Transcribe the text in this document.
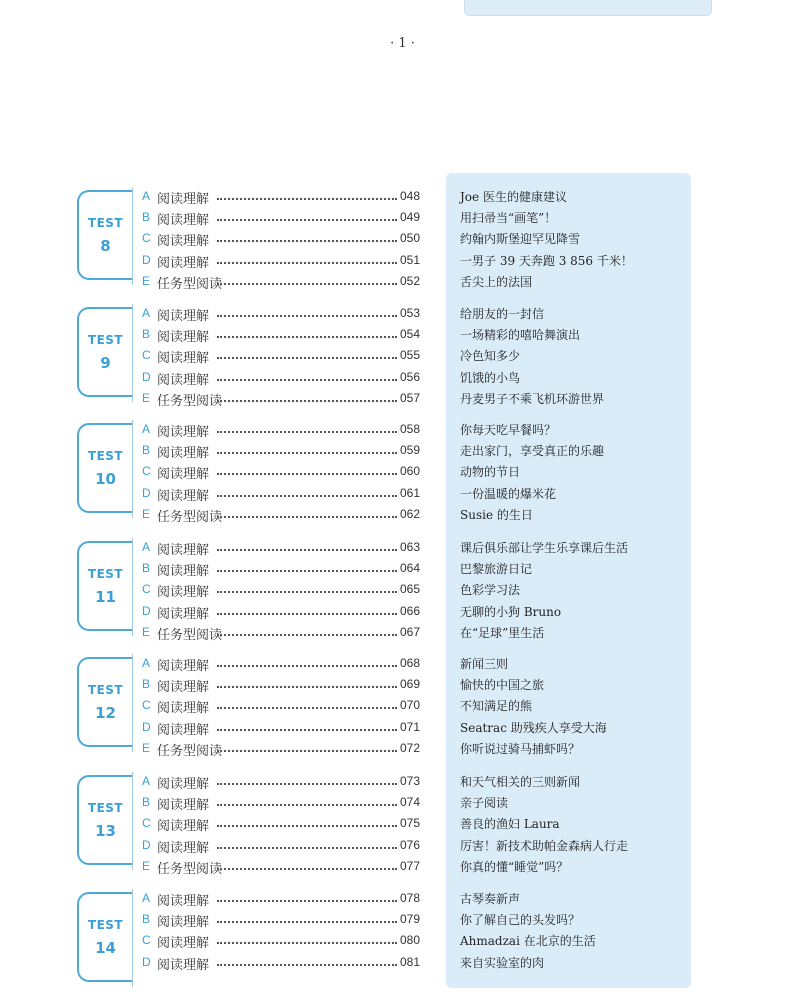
· 1 ·
TEST
8
A 阅读理解	048	Joe 医生的健康建议
B 阅读理解	049	用扫帚当“画笔”！
C 阅读理解	050	约翰内斯堡迎罕见降雪
D 阅读理解	051	一男子 39 天奔跑 3 856 千米！
E 任务型阅读	052	舌尖上的法国
TEST
9
A 阅读理解	053	给朋友的一封信
B 阅读理解	054	一场精彩的嘻哈舞演出
C 阅读理解	055	冷色知多少
D 阅读理解	056	饥饿的小鸟
E 任务型阅读	057	丹麦男子不乘飞机环游世界
TEST
10
A 阅读理解	058	你每天吃早餐吗？
B 阅读理解	059	走出家门，享受真正的乐趣
C 阅读理解	060	动物的节日
D 阅读理解	061	一份温暖的爆米花
E 任务型阅读	062	Susie 的生日
TEST
11
A 阅读理解	063	课后俱乐部让学生乐享课后生活
B 阅读理解	064	巴黎旅游日记
C 阅读理解	065	色彩学习法
D 阅读理解	066	无聊的小狗 Bruno
E 任务型阅读	067	在“足球”里生活
TEST
12
A 阅读理解	068	新闻三则
B 阅读理解	069	愉快的中国之旅
C 阅读理解	070	不知满足的熊
D 阅读理解	071	Seatrac 助残疾人享受大海
E 任务型阅读	072	你听说过骑马捕虾吗？
TEST
13
A 阅读理解	073	和天气相关的三则新闻
B 阅读理解	074	亲子阅读
C 阅读理解	075	善良的渔妇 Laura
D 阅读理解	076	厉害！新技术助帕金森病人行走
E 任务型阅读	077	你真的懂“睡觉”吗？
TEST
14
A 阅读理解	078	古琴奏新声
B 阅读理解	079	你了解自己的头发吗？
C 阅读理解	080	Ahmadzai 在北京的生活
D 阅读理解	081	来自实验室的肉
